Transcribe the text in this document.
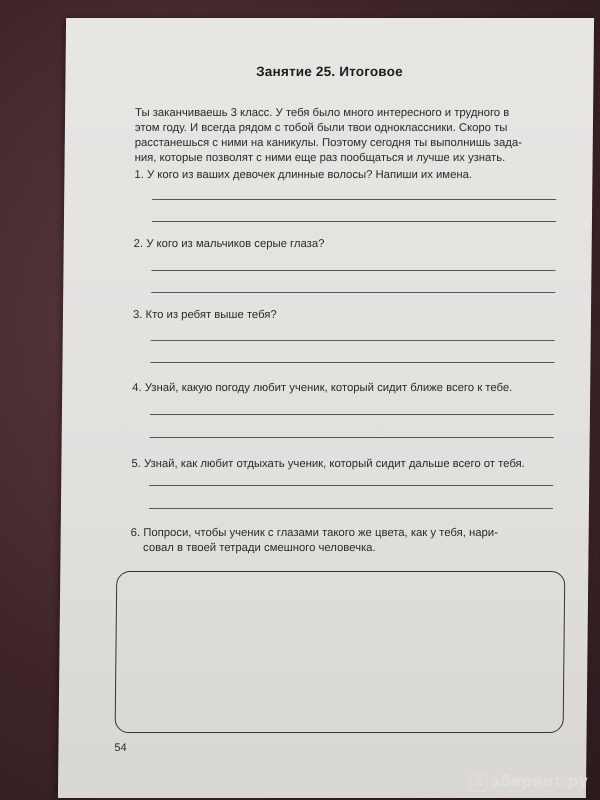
Занятие 25. Итоговое
Ты заканчиваешь 3 класс. У тебя было много интересного и трудного в
этом году. И всегда рядом с тобой были твои одноклассники. Скоро ты
расстанешься с ними на каникулы. Поэтому сегодня ты выполнишь зада-
ния, которые позволят с ними еще раз пообщаться и лучше их узнать.
1. У кого из ваших девочек длинные волосы? Напиши их имена.
2. У кого из мальчиков серые глаза?
3. Кто из ребят выше тебя?
4. Узнай, какую погоду любит ученик, который сидит ближе всего к тебе.
5. Узнай, как любит отдыхать ученик, который сидит дальше всего от тебя.
6. Попроси, чтобы ученик с глазами такого же цвета, как у тебя, нари-
совал в твоей тетради смешного человечка.
54
Л абиринт.ру
